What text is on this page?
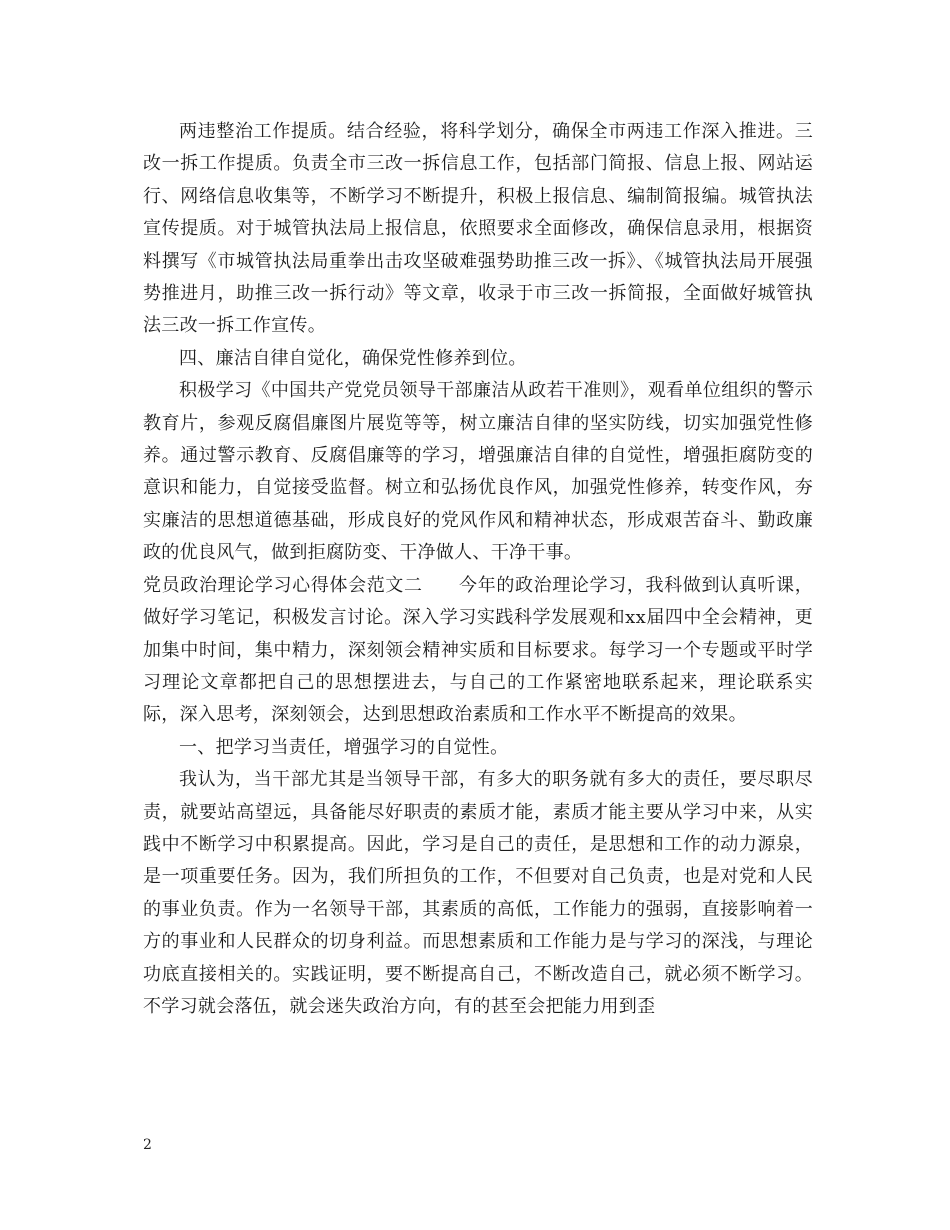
两违整治工作提质。结合经验，将科学划分，确保全市两违工作深入推进。三改一拆工作提质。负责全市三改一拆信息工作，包括部门简报、信息上报、网站运行、网络信息收集等，不断学习不断提升，积极上报信息、编制简报编。城管执法宣传提质。对于城管执法局上报信息，依照要求全面修改，确保信息录用，根据资料撰写《市城管执法局重拳出击攻坚破难强势助推三改一拆》、《城管执法局开展强势推进月，助推三改一拆行动》等文章，收录于市三改一拆简报，全面做好城管执法三改一拆工作宣传。

四、廉洁自律自觉化，确保党性修养到位。

积极学习《中国共产党党员领导干部廉洁从政若干准则》，观看单位组织的警示教育片，参观反腐倡廉图片展览等等，树立廉洁自律的坚实防线，切实加强党性修养。通过警示教育、反腐倡廉等的学习，增强廉洁自律的自觉性，增强拒腐防变的意识和能力，自觉接受监督。树立和弘扬优良作风，加强党性修养，转变作风，夯实廉洁的思想道德基础，形成良好的党风作风和精神状态，形成艰苦奋斗、勤政廉政的优良风气，做到拒腐防变、干净做人、干净干事。

党员政治理论学习心得体会范文二 今年的政治理论学习，我科做到认真听课，做好学习笔记，积极发言讨论。深入学习实践科学发展观和xx届四中全会精神，更加集中时间，集中精力，深刻领会精神实质和目标要求。每学习一个专题或平时学习理论文章都把自己的思想摆进去，与自己的工作紧密地联系起来，理论联系实际，深入思考，深刻领会，达到思想政治素质和工作水平不断提高的效果。

一、把学习当责任，增强学习的自觉性。

我认为，当干部尤其是当领导干部，有多大的职务就有多大的责任，要尽职尽责，就要站高望远，具备能尽好职责的素质才能，素质才能主要从学习中来，从实践中不断学习中积累提高。因此，学习是自己的责任，是思想和工作的动力源泉，是一项重要任务。因为，我们所担负的工作，不但要对自己负责，也是对党和人民的事业负责。作为一名领导干部，其素质的高低，工作能力的强弱，直接影响着一方的事业和人民群众的切身利益。而思想素质和工作能力是与学习的深浅，与理论功底直接相关的。实践证明，要不断提高自己，不断改造自己，就必须不断学习。不学习就会落伍，就会迷失政治方向，有的甚至会把能力用到歪

2
